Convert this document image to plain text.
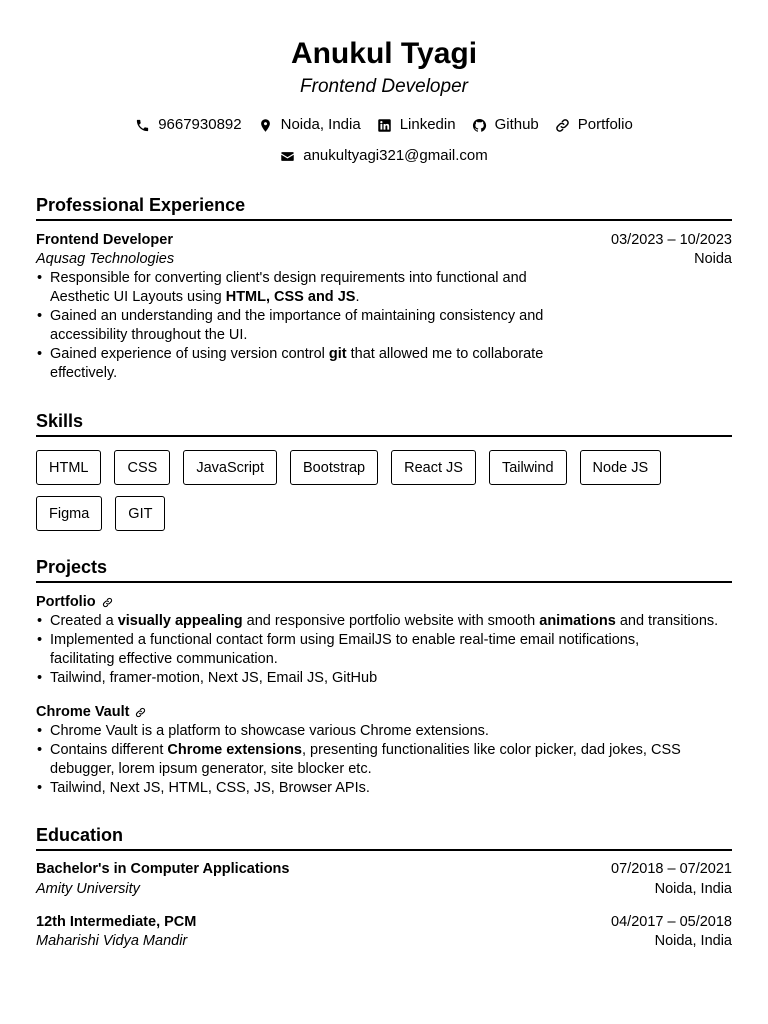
Anukul Tyagi
Frontend Developer
9667930892	Noida, India	Linkedin	Github	Portfolio
anukultyagi321@gmail.com
Professional Experience
Frontend Developer	03/2023 – 10/2023
Aqusag Technologies	Noida
• Responsible for converting client's design requirements into functional and Aesthetic UI Layouts using HTML, CSS and JS.
• Gained an understanding and the importance of maintaining consistency and accessibility throughout the UI.
• Gained experience of using version control git that allowed me to collaborate effectively.
Skills
HTML	CSS	JavaScript	Bootstrap	React JS	Tailwind	Node JS
Figma	GIT
Projects
Portfolio
• Created a visually appealing and responsive portfolio website with smooth animations and transitions.
• Implemented a functional contact form using EmailJS to enable real-time email notifications, facilitating effective communication.
• Tailwind, framer-motion, Next JS, Email JS, GitHub
Chrome Vault
• Chrome Vault is a platform to showcase various Chrome extensions.
• Contains different Chrome extensions, presenting functionalities like color picker, dad jokes, CSS debugger, lorem ipsum generator, site blocker etc.
• Tailwind, Next JS, HTML, CSS, JS, Browser APIs.
Education
Bachelor's in Computer Applications	07/2018 – 07/2021
Amity University	Noida, India
12th Intermediate, PCM	04/2017 – 05/2018
Maharishi Vidya Mandir	Noida, India
